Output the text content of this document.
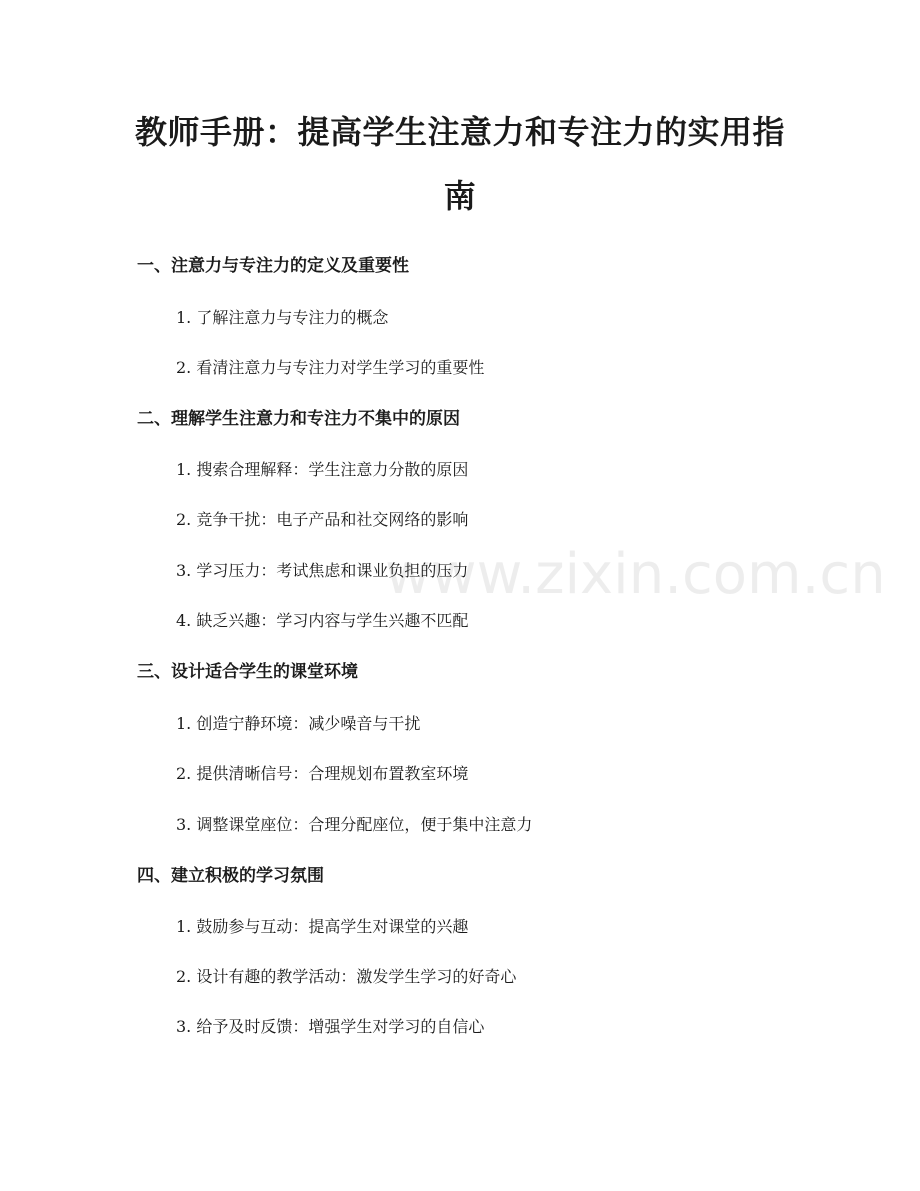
www.zixin.com.cn
教师手册：提高学生注意力和专注力的实用指南
一、注意力与专注力的定义及重要性
1. 了解注意力与专注力的概念
2. 看清注意力与专注力对学生学习的重要性
二、理解学生注意力和专注力不集中的原因
1. 搜索合理解释：学生注意力分散的原因
2. 竞争干扰：电子产品和社交网络的影响
3. 学习压力：考试焦虑和课业负担的压力
4. 缺乏兴趣：学习内容与学生兴趣不匹配
三、设计适合学生的课堂环境
1. 创造宁静环境：减少噪音与干扰
2. 提供清晰信号：合理规划布置教室环境
3. 调整课堂座位：合理分配座位，便于集中注意力
四、建立积极的学习氛围
1. 鼓励参与互动：提高学生对课堂的兴趣
2. 设计有趣的教学活动：激发学生学习的好奇心
3. 给予及时反馈：增强学生对学习的自信心
